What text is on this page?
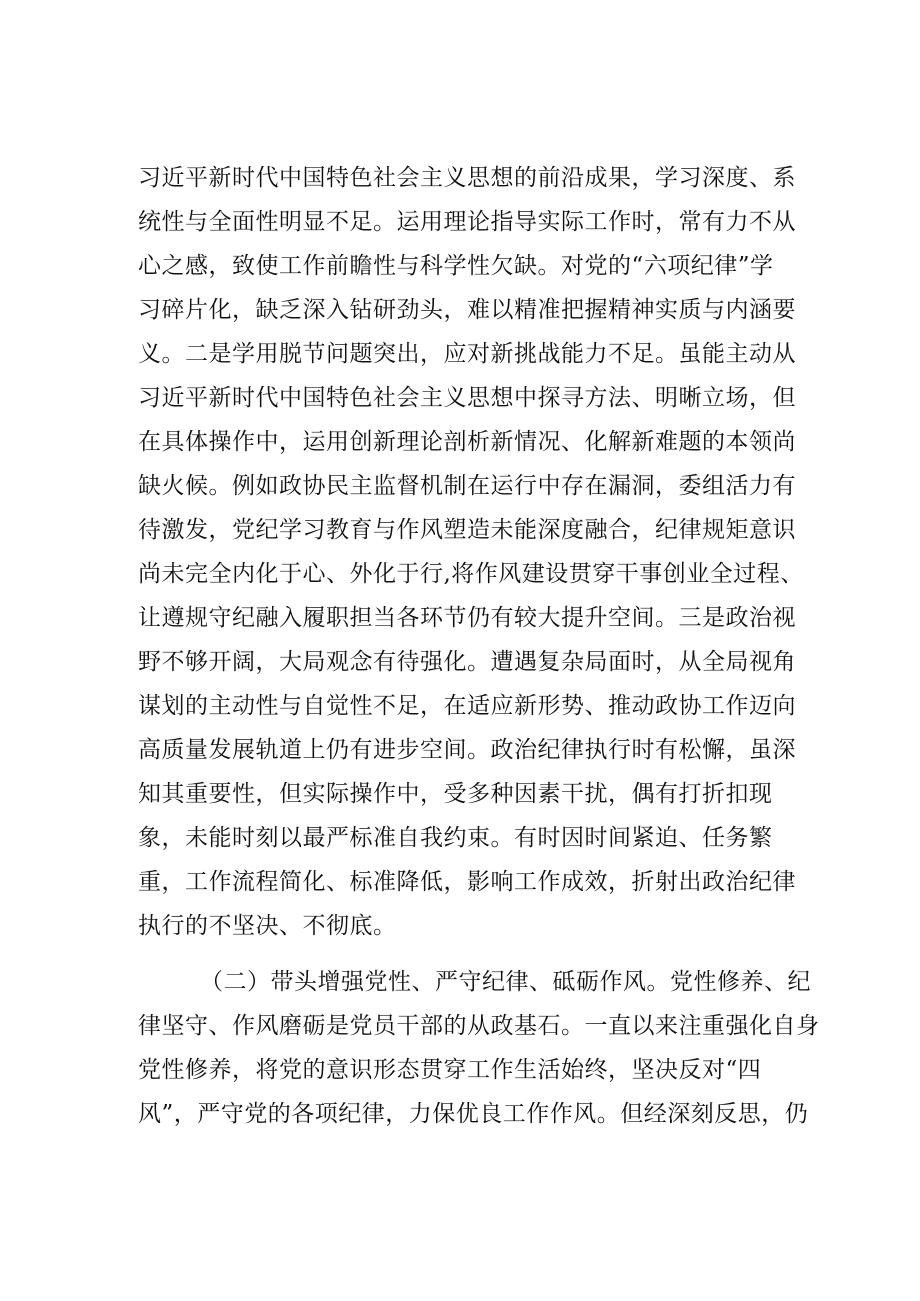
习近平新时代中国特色社会主义思想的前沿成果，学习深度、系
统性与全面性明显不足。运用理论指导实际工作时，常有力不从
心之感，致使工作前瞻性与科学性欠缺。对党的“六项纪律”学
习碎片化，缺乏深入钻研劲头，难以精准把握精神实质与内涵要
义。二是学用脱节问题突出，应对新挑战能力不足。虽能主动从
习近平新时代中国特色社会主义思想中探寻方法、明晰立场，但
在具体操作中，运用创新理论剖析新情况、化解新难题的本领尚
缺火候。例如政协民主监督机制在运行中存在漏洞，委组活力有
待激发，党纪学习教育与作风塑造未能深度融合，纪律规矩意识
尚未完全内化于心、外化于行,将作风建设贯穿干事创业全过程、
让遵规守纪融入履职担当各环节仍有较大提升空间。三是政治视
野不够开阔，大局观念有待强化。遭遇复杂局面时，从全局视角
谋划的主动性与自觉性不足，在适应新形势、推动政协工作迈向
高质量发展轨道上仍有进步空间。政治纪律执行时有松懈，虽深
知其重要性，但实际操作中，受多种因素干扰，偶有打折扣现
象，未能时刻以最严标准自我约束。有时因时间紧迫、任务繁
重，工作流程简化、标准降低，影响工作成效，折射出政治纪律
执行的不坚决、不彻底。
（二）带头增强党性、严守纪律、砥砺作风。党性修养、纪
律坚守、作风磨砺是党员干部的从政基石。一直以来注重强化自身
党性修养，将党的意识形态贯穿工作生活始终，坚决反对“四
风”，严守党的各项纪律，力保优良工作作风。但经深刻反思，仍
